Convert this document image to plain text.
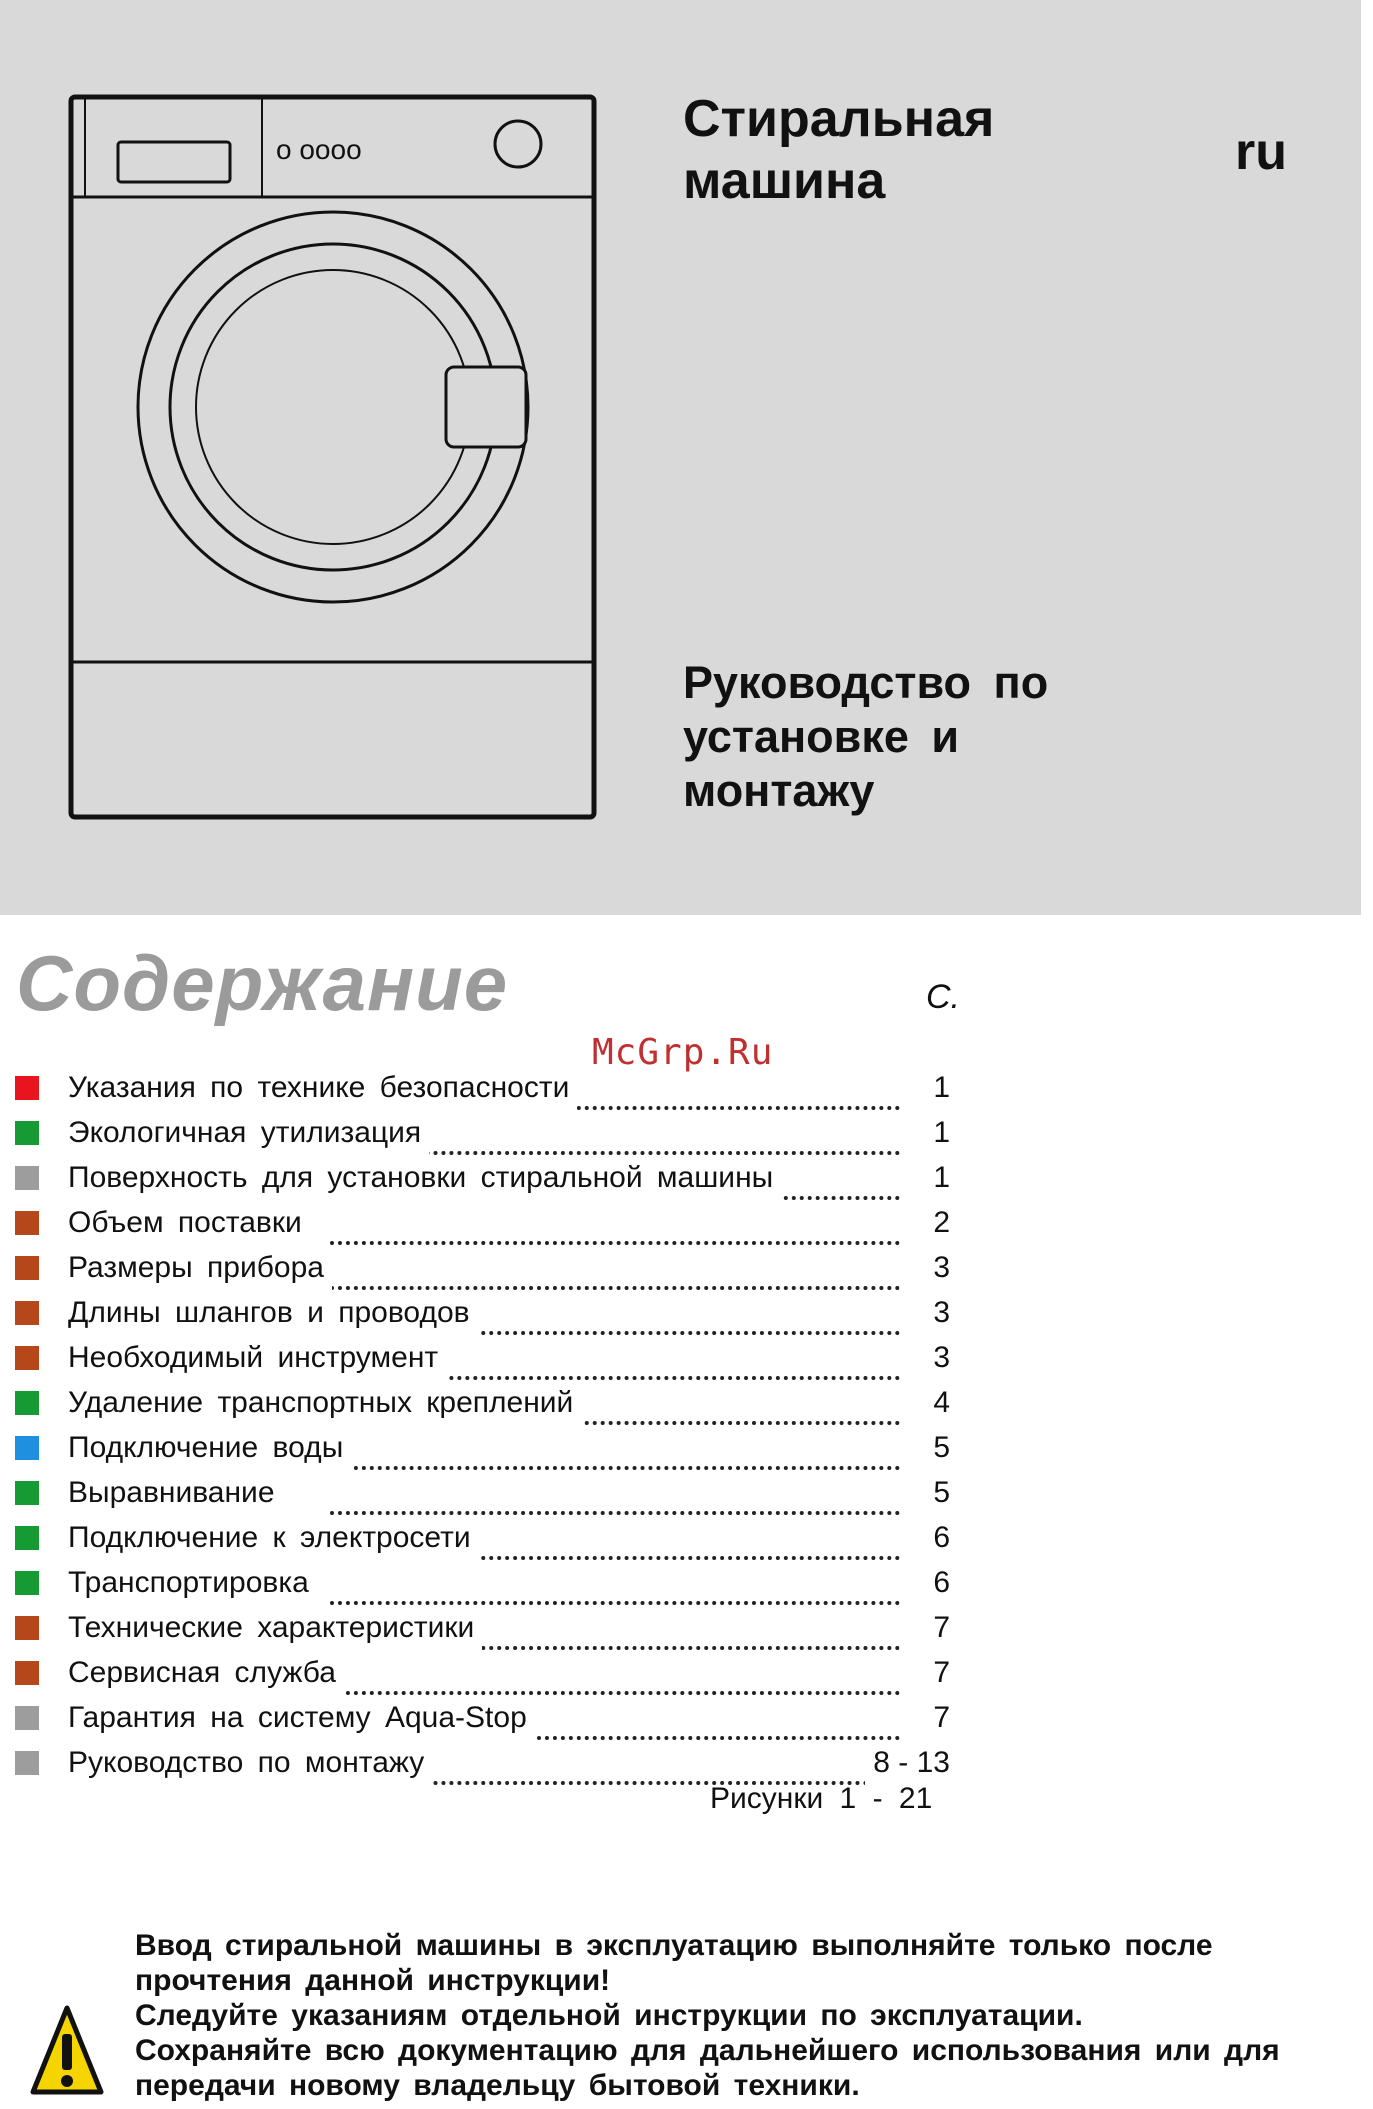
o oooo
Стиральная
машина	ru
Руководство по
установке и
монтажу
Содержание	С.
McGrp.Ru
Указания по технике безопасности	1
Экологичная утилизация	1
Поверхность для установки стиральной машины	1
Объем поставки	2
Размеры прибора	3
Длины шлангов и проводов	3
Необходимый инструмент	3
Удаление транспортных креплений	4
Подключение воды	5
Выравнивание	5
Подключение к электросети	6
Транспортировка	6
Технические характеристики	7
Сервисная служба	7
Гарантия на систему Aqua-Stop	7
Руководство по монтажу	8 - 13
Рисунки 1 - 21

Ввод стиральной машины в эксплуатацию выполняйте только после прочтения данной инструкции!

Следуйте указаниям отдельной инструкции по эксплуатации.

Сохраняйте всю документацию для дальнейшего использования или для передачи новому владельцу бытовой техники.
